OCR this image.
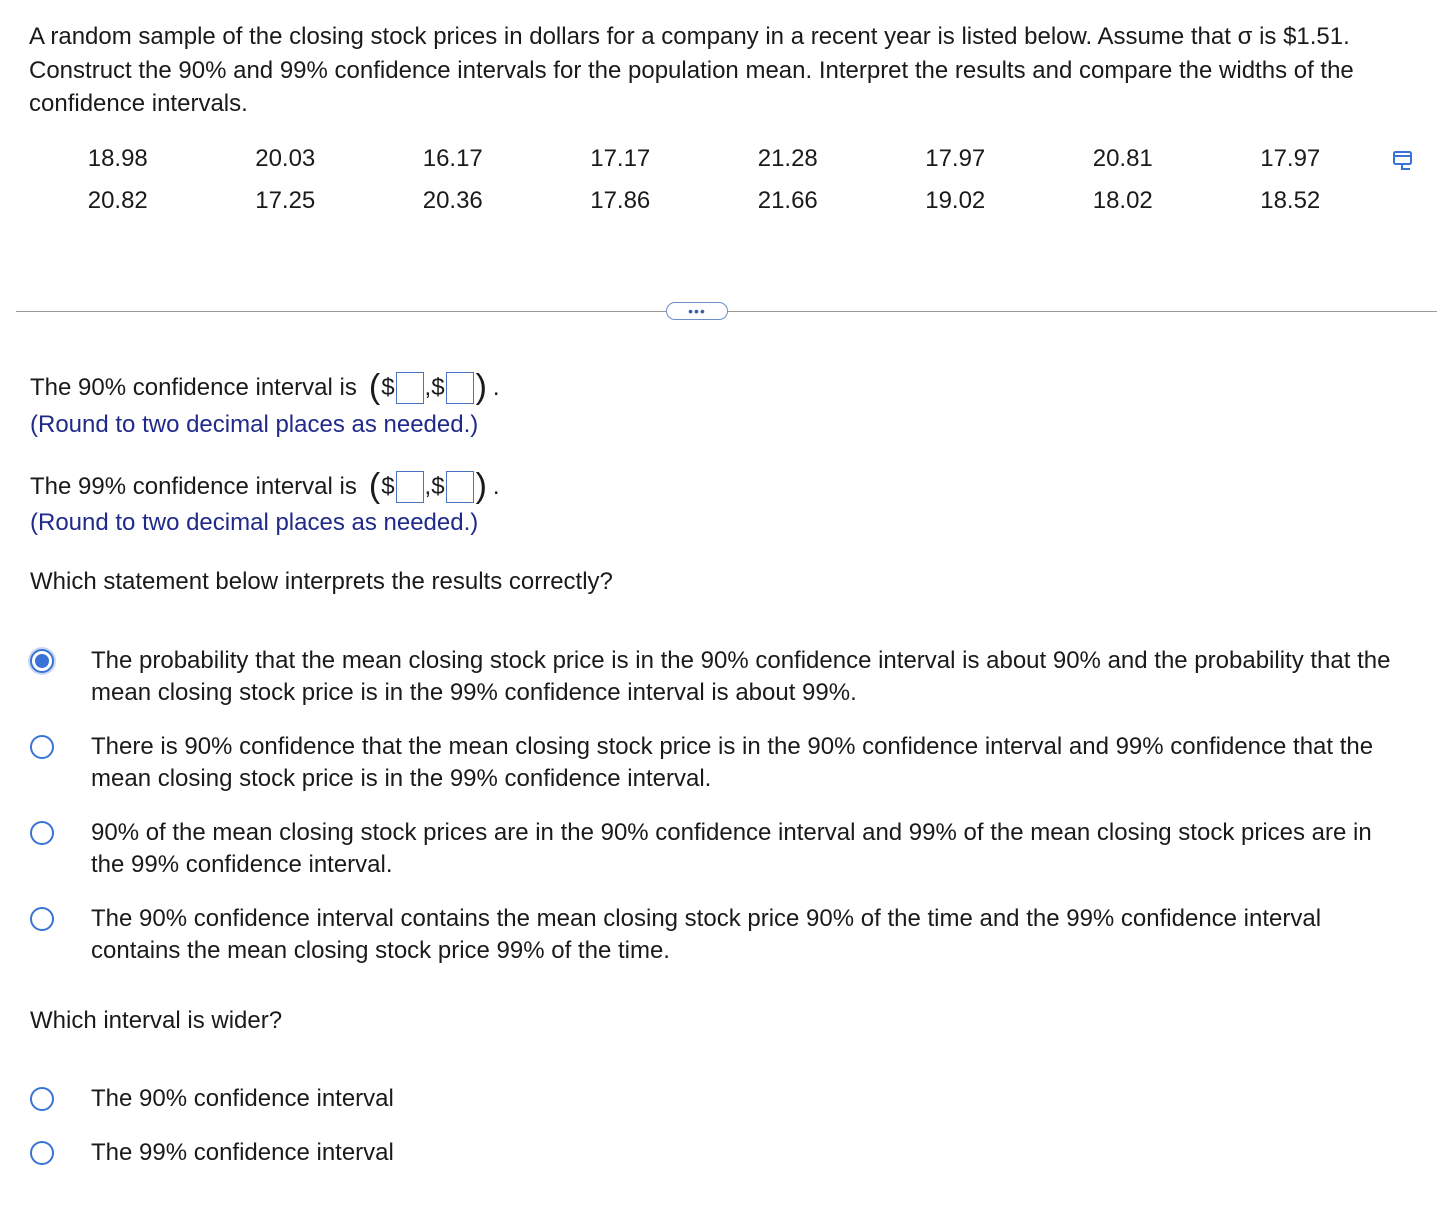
A random sample of the closing stock prices in dollars for a company in a recent year is listed below. Assume that σ is $1.51. Construct the 90% and 99% confidence intervals for the population mean. Interpret the results and compare the widths of the confidence intervals.
18.98	20.03	16.17	17.17	21.28	17.97	20.81	17.97
20.82	17.25	20.36	17.86	21.66	19.02	18.02	18.52
•••
The 90% confidence interval is ( $ , $ ) .
(Round to two decimal places as needed.)
The 99% confidence interval is ( $ , $ ) .
(Round to two decimal places as needed.)
Which statement below interprets the results correctly?
The probability that the mean closing stock price is in the 90% confidence interval is about 90% and the probability that the mean closing stock price is in the 99% confidence interval is about 99%.
There is 90% confidence that the mean closing stock price is in the 90% confidence interval and 99% confidence that the mean closing stock price is in the 99% confidence interval.
90% of the mean closing stock prices are in the 90% confidence interval and 99% of the mean closing stock prices are in the 99% confidence interval.
The 90% confidence interval contains the mean closing stock price 90% of the time and the 99% confidence interval contains the mean closing stock price 99% of the time.
Which interval is wider?
The 90% confidence interval
The 99% confidence interval
